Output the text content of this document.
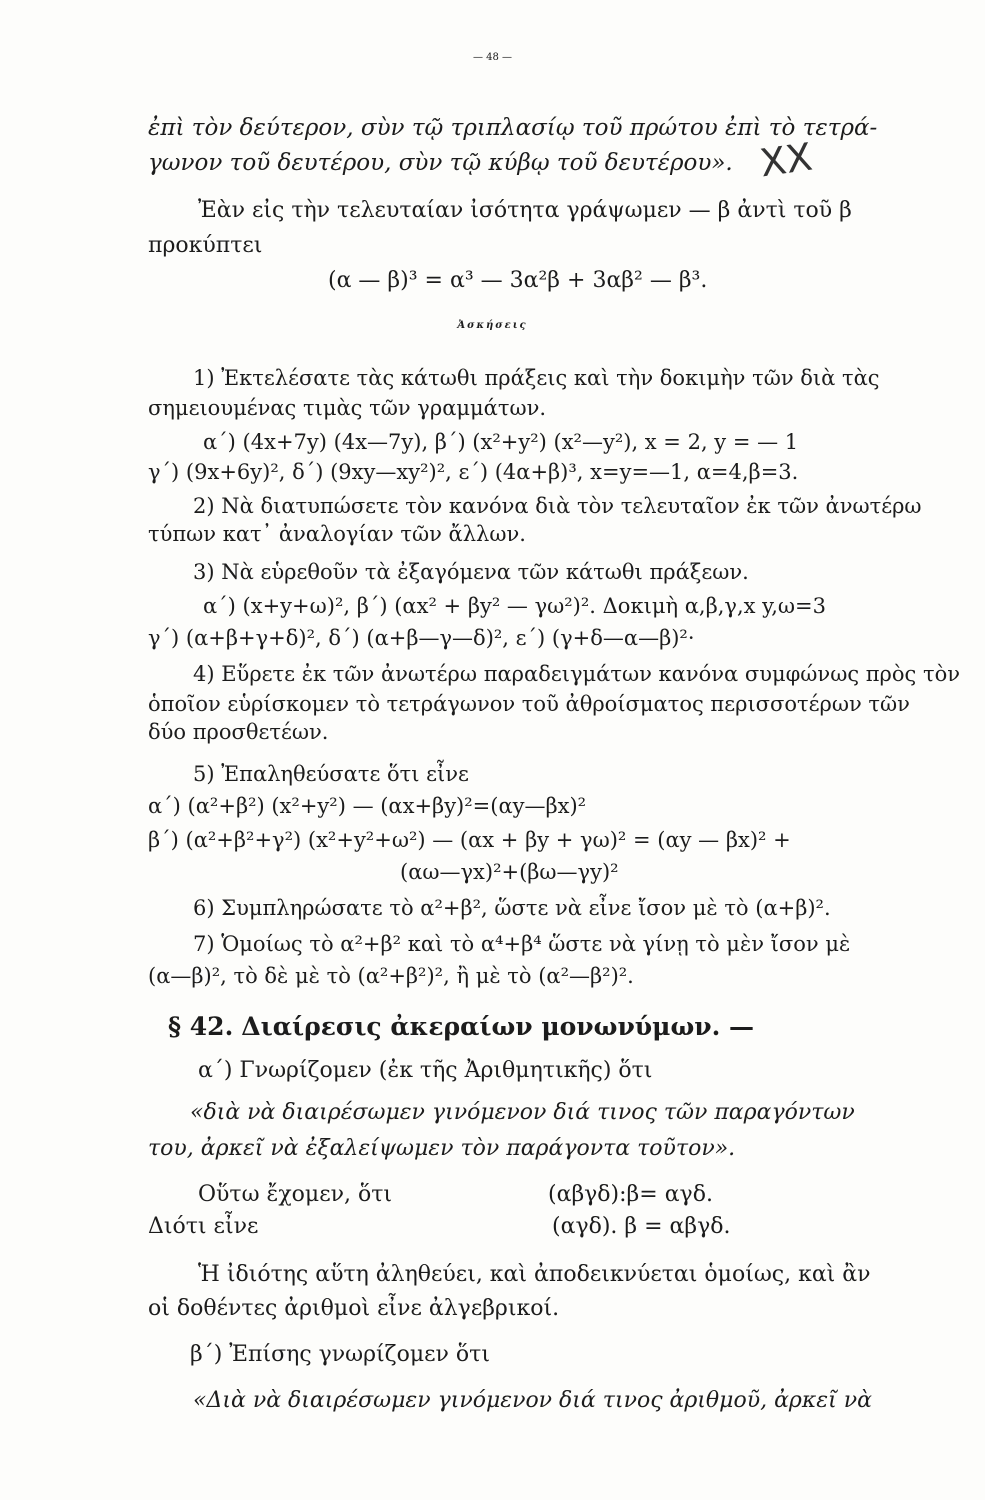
— 48 —
ἐπὶ τὸν δεύτερον, σὺν τῷ τριπλασίῳ τοῦ πρώτου ἐπὶ τὸ τετρά-
γωνον τοῦ δευτέρου, σὺν τῷ κύβῳ τοῦ δευτέρου». XX
Ἐὰν εἰς τὴν τελευταίαν ἰσότητα γράψωμεν — β ἀντὶ τοῦ β
προκύπτει
(α — β)³ = α³ — 3α²β + 3αβ² — β³.
Ἀσκήσεις
1) Ἐκτελέσατε τὰς κάτωθι πράξεις καὶ τὴν δοκιμὴν τῶν διὰ τὰς
σημειουμένας τιμὰς τῶν γραμμάτων.
α΄) (4x+7y) (4x—7y), β΄) (x²+y²) (x²—y²), x = 2, y = — 1
γ΄) (9x+6y)², δ΄) (9xy—xy²)², ε΄) (4α+β)³, x=y=—1, α=4,β=3.
2) Νὰ διατυπώσετε τὸν κανόνα διὰ τὸν τελευταῖον ἐκ τῶν ἀνωτέρω
τύπων κατ᾿ ἀναλογίαν τῶν ἄλλων.
3) Νὰ εὑρεθοῦν τὰ ἐξαγόμενα τῶν κάτωθι πράξεων.
α΄) (x+y+ω)², β΄) (αx² + βy² — γω²)². Δοκιμὴ α,β,γ,x y,ω=3
γ΄) (α+β+γ+δ)², δ΄) (α+β—γ—δ)², ε΄) (γ+δ—α—β)²·
4) Εὕρετε ἐκ τῶν ἀνωτέρω παραδειγμάτων κανόνα συμφώνως πρὸς τὸν
ὁποῖον εὑρίσκομεν τὸ τετράγωνον τοῦ ἀθροίσματος περισσοτέρων τῶν
δύο προσθετέων.
5) Ἐπαληθεύσατε ὅτι εἶνε
α΄) (α²+β²) (x²+y²) — (αx+βy)²=(αy—βx)²
β΄) (α²+β²+γ²) (x²+y²+ω²) — (αx + βy + γω)² = (αy — βx)² +
(αω—γx)²+(βω—γy)²
6) Συμπληρώσατε τὸ α²+β², ὥστε νὰ εἶνε ἴσον μὲ τὸ (α+β)².
7) Ὁμοίως τὸ α²+β² καὶ τὸ α⁴+β⁴ ὥστε νὰ γίνῃ τὸ μὲν ἴσον μὲ
(α—β)², τὸ δὲ μὲ τὸ (α²+β²)², ἢ μὲ τὸ (α²—β²)².
§ 42. Διαίρεσις ἀκεραίων μονωνύμων. —
α΄) Γνωρίζομεν (ἐκ τῆς Ἀριθμητικῆς) ὅτι
«διὰ νὰ διαιρέσωμεν γινόμενον διά τινος τῶν παραγόντων
του, ἀρκεῖ νὰ ἐξαλείψωμεν τὸν παράγοντα τοῦτον».
Οὕτω ἔχομεν, ὅτι	(αβγδ):β= αγδ.
Διότι εἶνε	(αγδ). β = αβγδ.
Ἡ ἰδιότης αὕτη ἀληθεύει, καὶ ἀποδεικνύεται ὁμοίως, καὶ ἂν
οἱ δοθέντες ἀριθμοὶ εἶνε ἀλγεβρικοί.
β΄) Ἐπίσης γνωρίζομεν ὅτι
«Διὰ νὰ διαιρέσωμεν γινόμενον διά τινος ἀριθμοῦ, ἀρκεῖ νὰ
